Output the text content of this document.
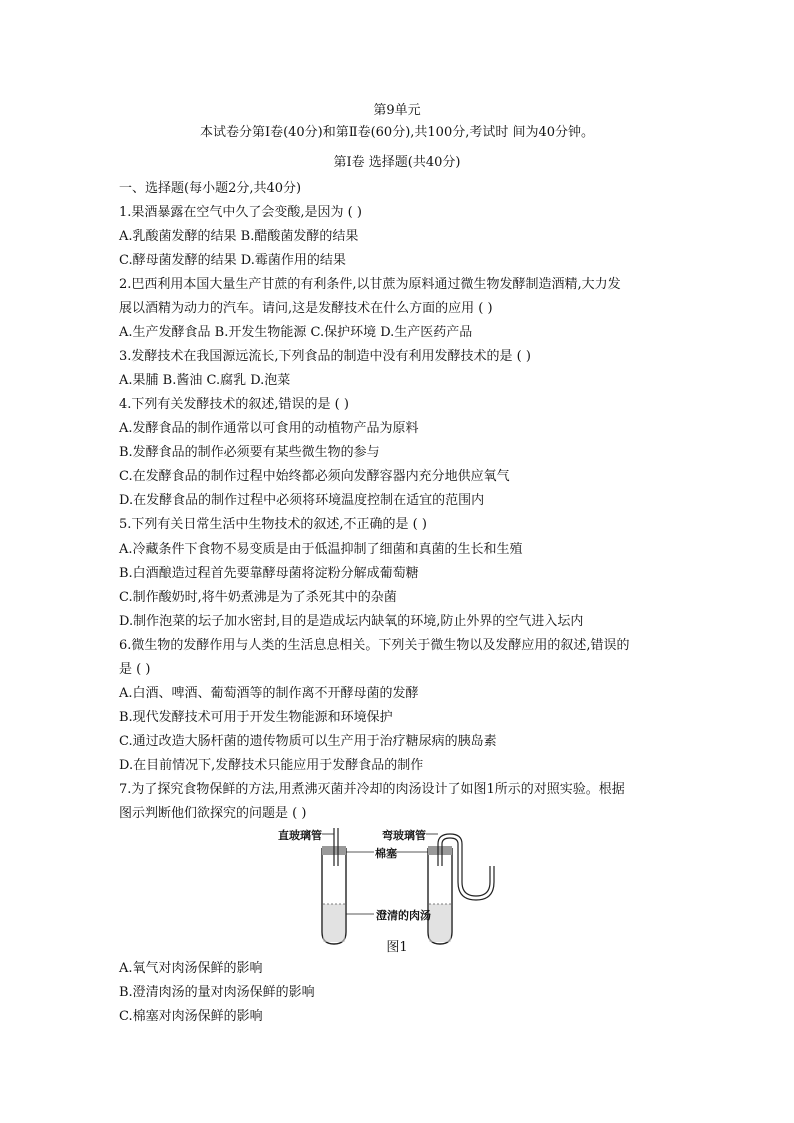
第9单元
本试卷分第Ⅰ卷(40分)和第Ⅱ卷(60分),共100分,考试时 间为40分钟。
第Ⅰ卷 选择题(共40分)
一、选择题(每小题2分,共40分)
1.果酒暴露在空气中久了会变酸,是因为 ( )
A.乳酸菌发酵的结果 B.醋酸菌发酵的结果
C.酵母菌发酵的结果 D.霉菌作用的结果
2.巴西利用本国大量生产甘蔗的有利条件,以甘蔗为原料通过微生物发酵制造酒精,大力发
展以酒精为动力的汽车。请问,这是发酵技术在什么方面的应用 ( )
A.生产发酵食品 B.开发生物能源 C.保护环境 D.生产医药产品
3.发酵技术在我国源远流长,下列食品的制造中没有利用发酵技术的是 ( )
A.果脯 B.酱油 C.腐乳 D.泡菜
4.下列有关发酵技术的叙述,错误的是 ( )
A.发酵食品的制作通常以可食用的动植物产品为原料
B.发酵食品的制作必须要有某些微生物的参与
C.在发酵食品的制作过程中始终都必须向发酵容器内充分地供应氧气
D.在发酵食品的制作过程中必须将环境温度控制在适宜的范围内
5.下列有关日常生活中生物技术的叙述,不正确的是 ( )
A.冷藏条件下食物不易变质是由于低温抑制了细菌和真菌的生长和生殖
B.白酒酿造过程首先要靠酵母菌将淀粉分解成葡萄糖
C.制作酸奶时,将牛奶煮沸是为了杀死其中的杂菌
D.制作泡菜的坛子加水密封,目的是造成坛内缺氧的环境,防止外界的空气进入坛内
6.微生物的发酵作用与人类的生活息息相关。下列关于微生物以及发酵应用的叙述,错误的
是 ( )
A.白酒、啤酒、葡萄酒等的制作离不开酵母菌的发酵
B.现代发酵技术可用于开发生物能源和环境保护
C.通过改造大肠杆菌的遗传物质可以生产用于治疗糖尿病的胰岛素
D.在目前情况下,发酵技术只能应用于发酵食品的制作
7.为了探究食物保鲜的方法,用煮沸灭菌并冷却的肉汤设计了如图1所示的对照实验。根据
图示判断他们欲探究的问题是 ( )
直玻璃管	弯玻璃管
棉塞
澄清的肉汤
图1
A.氧气对肉汤保鲜的影响
B.澄清肉汤的量对肉汤保鲜的影响
C.棉塞对肉汤保鲜的影响
